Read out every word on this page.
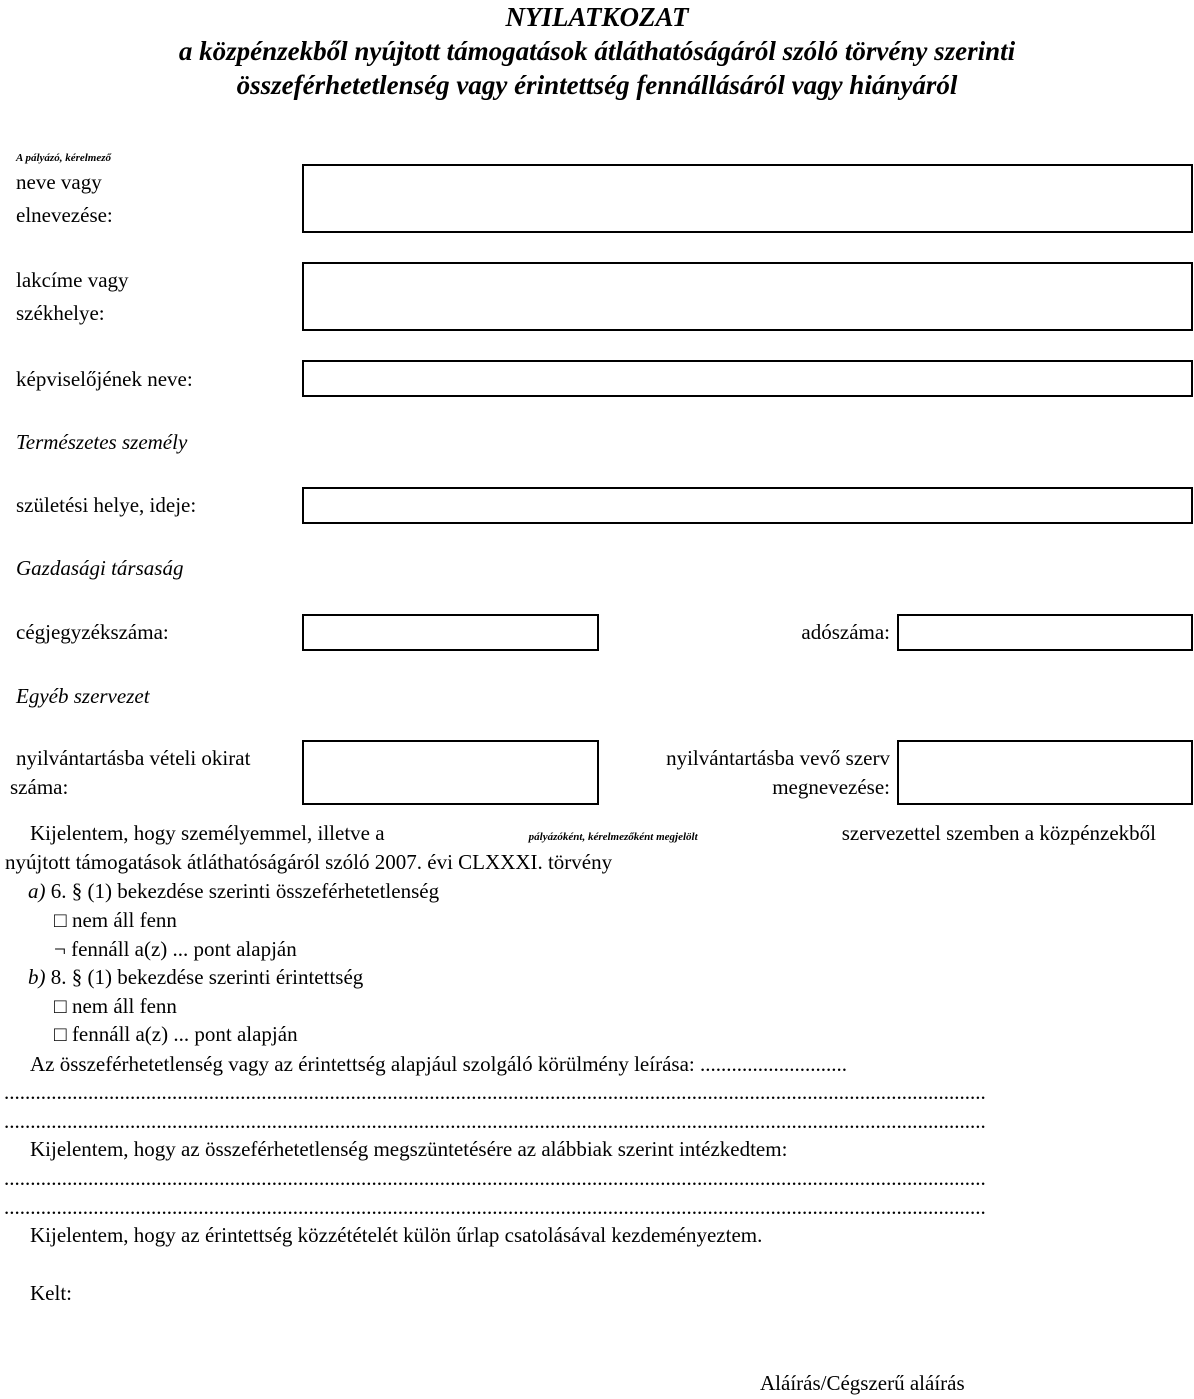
NYILATKOZAT
a közpénzekből nyújtott támogatások átláthatóságáról szóló törvény szerinti
összeférhetetlenség vagy érintettség fennállásáról vagy hiányáról
A pályázó, kérelmező
neve vagy
elnevezése:
lakcíme vagy
székhelye:
képviselőjének neve:
Természetes személy
születési helye, ideje:
Gazdasági társaság
cégjegyzékszáma:	adószáma:
Egyéb szervezet
nyilvántartásba vételi okirat
száma:
nyilvántartásba vevő szerv
megnevezése:
Kijelentem, hogy személyemmel, illetve a	pályázóként, kérelmezőként megjelölt	szervezettel szemben a közpénzekből
nyújtott támogatások átláthatóságáról szóló 2007. évi CLXXXI. törvény
a) 6. § (1) bekezdése szerinti összeférhetetlenség
□ nem áll fenn
¬ fennáll a(z) ... pont alapján
b) 8. § (1) bekezdése szerinti érintettség
□ nem áll fenn
□ fennáll a(z) ... pont alapján
Az összeférhetetlenség vagy az érintettség alapjául szolgáló körülmény leírása: ............................
...........................................................................................................................................................................................
...........................................................................................................................................................................................
Kijelentem, hogy az összeférhetetlenség megszüntetésére az alábbiak szerint intézkedtem:
...........................................................................................................................................................................................
...........................................................................................................................................................................................
Kijelentem, hogy az érintettség közzétételét külön űrlap csatolásával kezdeményeztem.
Kelt:
Aláírás/Cégszerű aláírás
